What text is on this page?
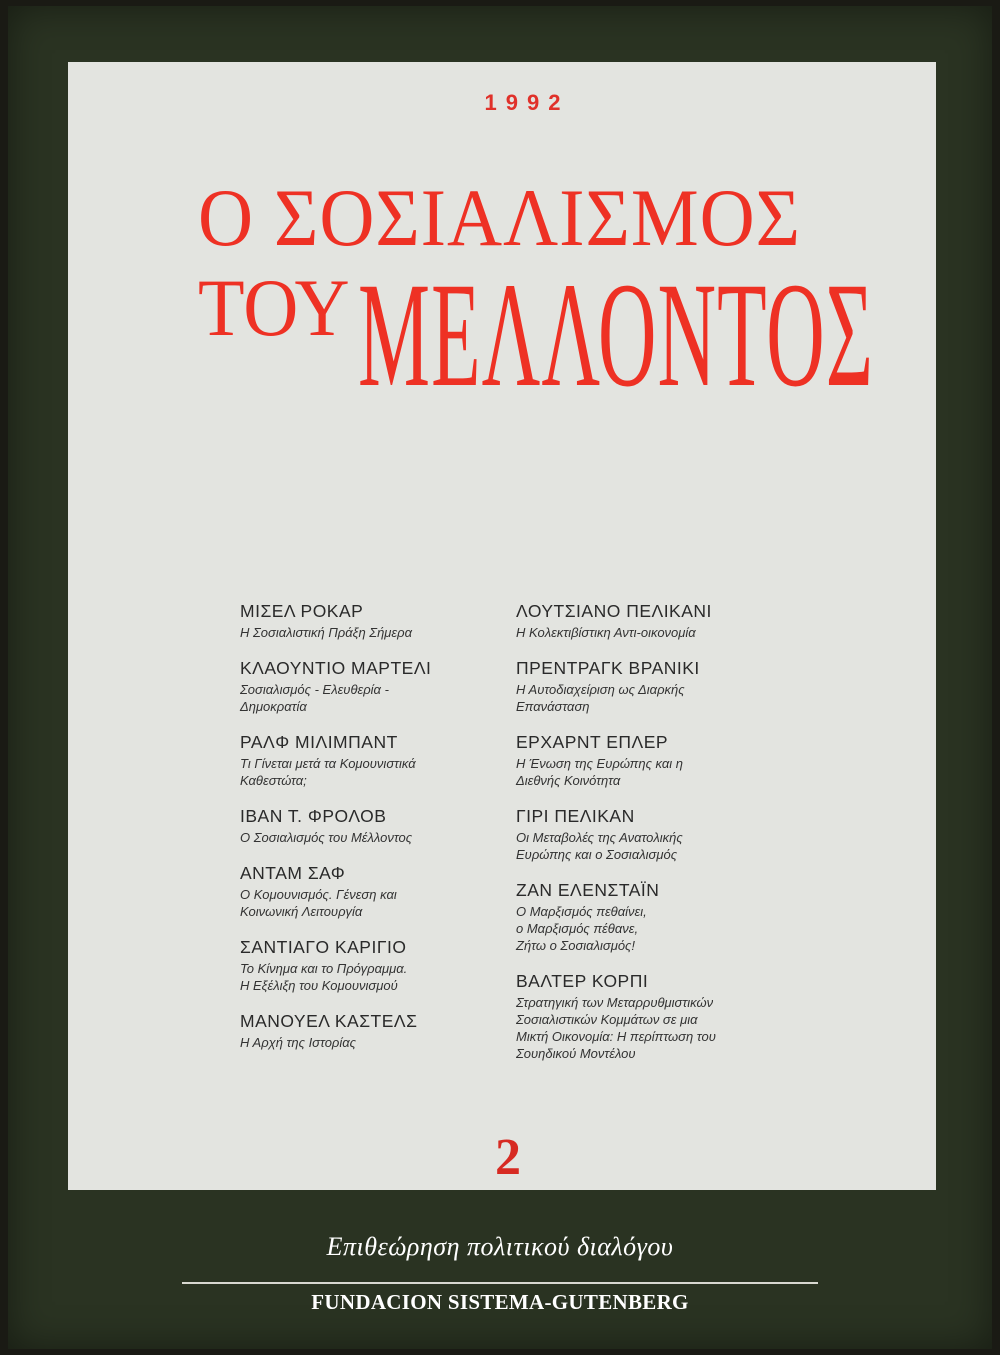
1992
Ο ΣΟΣΙΑΛΙΣΜΟΣ
ΤΟΥ ΜΕΛΛΟΝΤΟΣ
ΜΙΣΕΛ ΡΟΚΑΡ
Η Σοσιαλιστική Πράξη Σήμερα
ΚΛΑΟΥΝΤΙΟ ΜΑΡΤΕΛΙ
Σοσιαλισμός - Ελευθερία -
Δημοκρατία
ΡΑΛΦ ΜΙΛΙΜΠΑΝΤ
Τι Γίνεται μετά τα Κομουνιστικά
Καθεστώτα;
ΙΒΑΝ Τ. ΦΡΟΛΟΒ
Ο Σοσιαλισμός του Μέλλοντος
ΑΝΤΑΜ ΣΑΦ
Ο Κομουνισμός. Γένεση και
Κοινωνική Λειτουργία
ΣΑΝΤΙΑΓΟ ΚΑΡΙΓΙΟ
Το Κίνημα και το Πρόγραμμα.
Η Εξέλιξη του Κομουνισμού
ΜΑΝΟΥΕΛ ΚΑΣΤΕΛΣ
Η Αρχή της Ιστορίας
ΛΟΥΤΣΙΑΝΟ ΠΕΛΙΚΑΝΙ
Η Κολεκτιβίστικη Αντι-οικονομία
ΠΡΕΝΤΡΑΓΚ ΒΡΑΝΙΚΙ
Η Αυτοδιαχείριση ως Διαρκής
Επανάσταση
ΕΡΧΑΡΝΤ ΕΠΛΕΡ
Η Ένωση της Ευρώπης και η
Διεθνής Κοινότητα
ΓΙΡΙ ΠΕΛΙΚΑΝ
Οι Μεταβολές της Ανατολικής
Ευρώπης και ο Σοσιαλισμός
ΖΑΝ ΕΛΕΝΣΤΑΪΝ
Ο Μαρξισμός πεθαίνει,
ο Μαρξισμός πέθανε,
Ζήτω ο Σοσιαλισμός!
ΒΑΛΤΕΡ ΚΟΡΠΙ
Στρατηγική των Μεταρρυθμιστικών
Σοσιαλιστικών Κομμάτων σε μια
Μικτή Οικονομία: Η περίπτωση του
Σουηδικού Μοντέλου
2
Επιθεώρηση πολιτικού διαλόγου
FUNDACION SISTEMA-GUTENBERG
